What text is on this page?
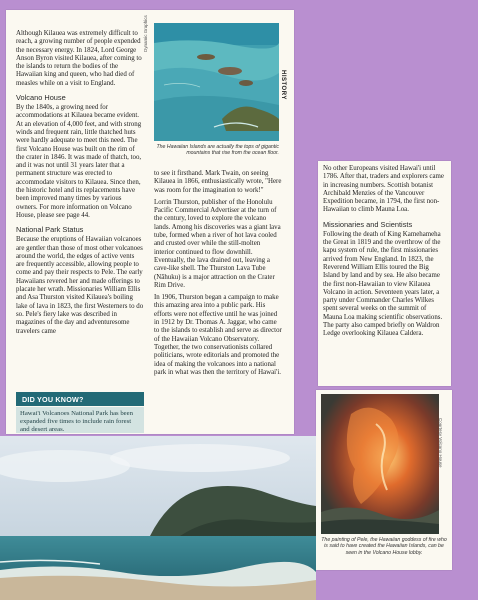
Although Kilauea was extremely difficult to reach, a growing number of people expended the necessary energy. In 1824, Lord George Anson Byron visited Kilauea, after coming to the islands to return the bodies of the Hawaiian king and queen, who had died of measles while on a visit to England.

Volcano House

By the 1840s, a growing need for accommodations at Kilauea became evident. At an elevation of 4,000 feet, and with strong winds and frequent rain, little thatched huts were hardly adequate to meet this need. The first Volcano House was built on the rim of the crater in 1846. It was made of thatch, too, and it was not until 31 years later that a permanent structure was erected to accommodate visitors to Kilauea. Since then, the historic hotel and its replacements have been improved many times by various owners. For more information on Volcano House, please see page 44.

National Park Status

Because the eruptions of Hawaiian volcanoes are gentler than those of most other volcanoes around the world, the edges of active vents are frequently accessible, allowing people to come and pay their respects to Pele. The early Hawaiians revered her and made offerings to placate her wrath. Missionaries William Ellis and Asa Thurston visited Kilauea's boiling lake of lava in 1823, the first Westerners to do so. Pele's fiery lake was described in magazines of the day and adventuresome travelers came

Dynamic Graphics
HISTORY
The Hawaiian Islands are actually the tops of gigantic mountains that rise from the ocean floor.

to see it firsthand. Mark Twain, on seeing Kilauea in 1866, enthusiastically wrote, "Here was room for the imagination to work!"

Lorrin Thurston, publisher of the Honolulu Pacific Commercial Advertiser at the turn of the century, loved to explore the volcano lands. Among his discoveries was a giant lava tube, formed when a river of hot lava cooled and crusted over while the still-molten interior continued to flow downhill. Eventually, the lava drained out, leaving a cave-like shell. The Thurston Lava Tube (Nāhuku) is a major attraction on the Crater Rim Drive.

In 1906, Thurston began a campaign to make this amazing area into a public park. His efforts were not effective until he was joined in 1912 by Dr. Thomas A. Jaggar, who came to the islands to establish and serve as director of the Hawaiian Volcano Observatory. Together, the two conservationists collared politicians, wrote editorials and promoted the idea of making the volcanoes into a national park in what was then the territory of Hawai'i.

DID YOU KNOW?

Hawai'i Volcanoes National Park has been expanded five times to include rain forest and desert areas.

No other Europeans visited Hawai'i until 1786. After that, traders and explorers came in increasing numbers. Scottish botanist Archibald Menzies of the Vancouver Expedition became, in 1794, the first non-Hawaiian to climb Mauna Loa.

Missionaries and Scientists

Following the death of King Kamehameha the Great in 1819 and the overthrow of the kapu system of rule, the first missionaries arrived from New England. In 1823, the Reverend William Ellis toured the Big Island by land and by sea. He also became the first non-Hawaiian to view Kilauea Volcano in action. Seventeen years later, a party under Commander Charles Wilkes spent several weeks on the summit of Mauna Loa making scientific observations. The party also camped briefly on Waldron Ledge overlooking Kilauea Caldera.

Courtesy Volcano House
The painting of Pele, the Hawaiian goddess of fire who is said to have created the Hawaiian Islands, can be seen in the Volcano House lobby.
